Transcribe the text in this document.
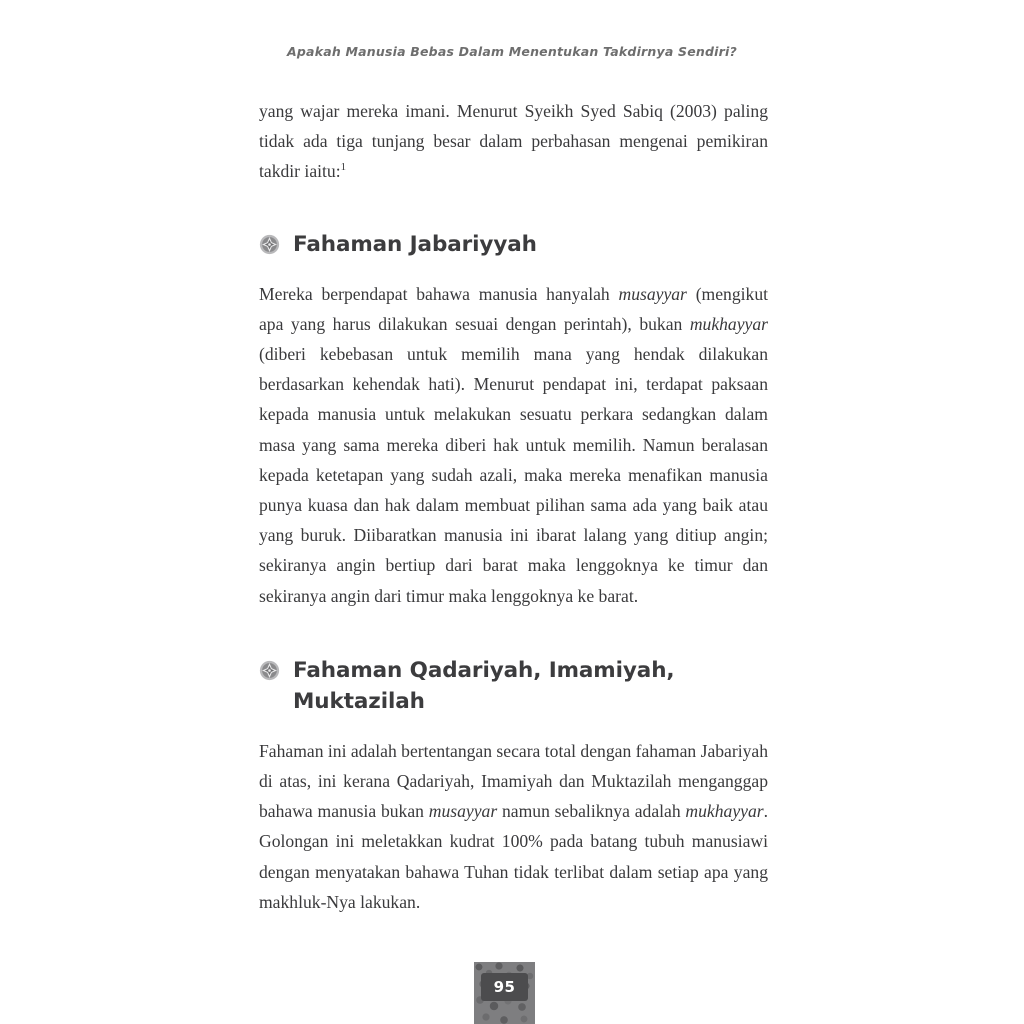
Apakah Manusia Bebas Dalam Menentukan Takdirnya Sendiri?

yang wajar mereka imani. Menurut Syeikh Syed Sabiq (2003) paling tidak ada tiga tunjang besar dalam perbahasan mengenai pemikiran takdir iaitu:$^1$

Fahaman Jabariyyah

Mereka berpendapat bahawa manusia hanyalah musayyar (mengikut apa yang harus dilakukan sesuai dengan perintah), bukan mukhayyar (diberi kebebasan untuk memilih mana yang hendak dilakukan berdasarkan kehendak hati). Menurut pendapat ini, terdapat paksaan kepada manusia untuk melakukan sesuatu perkara sedangkan dalam masa yang sama mereka diberi hak untuk memilih. Namun beralasan kepada ketetapan yang sudah azali, maka mereka menafikan manusia punya kuasa dan hak dalam membuat pilihan sama ada yang baik atau yang buruk. Diibaratkan manusia ini ibarat lalang yang ditiup angin; sekiranya angin bertiup dari barat maka lenggoknya ke timur dan sekiranya angin dari timur maka lenggoknya ke barat.

Fahaman Qadariyah, Imamiyah, Muktazilah

Fahaman ini adalah bertentangan secara total dengan fahaman Jabariyah di atas, ini kerana Qadariyah, Imamiyah dan Muktazilah menganggap bahawa manusia bukan musayyar namun sebaliknya adalah mukhayyar. Golongan ini meletakkan kudrat 100% pada batang tubuh manusiawi dengan menyatakan bahawa Tuhan tidak terlibat dalam setiap apa yang makhluk-Nya lakukan.

95
